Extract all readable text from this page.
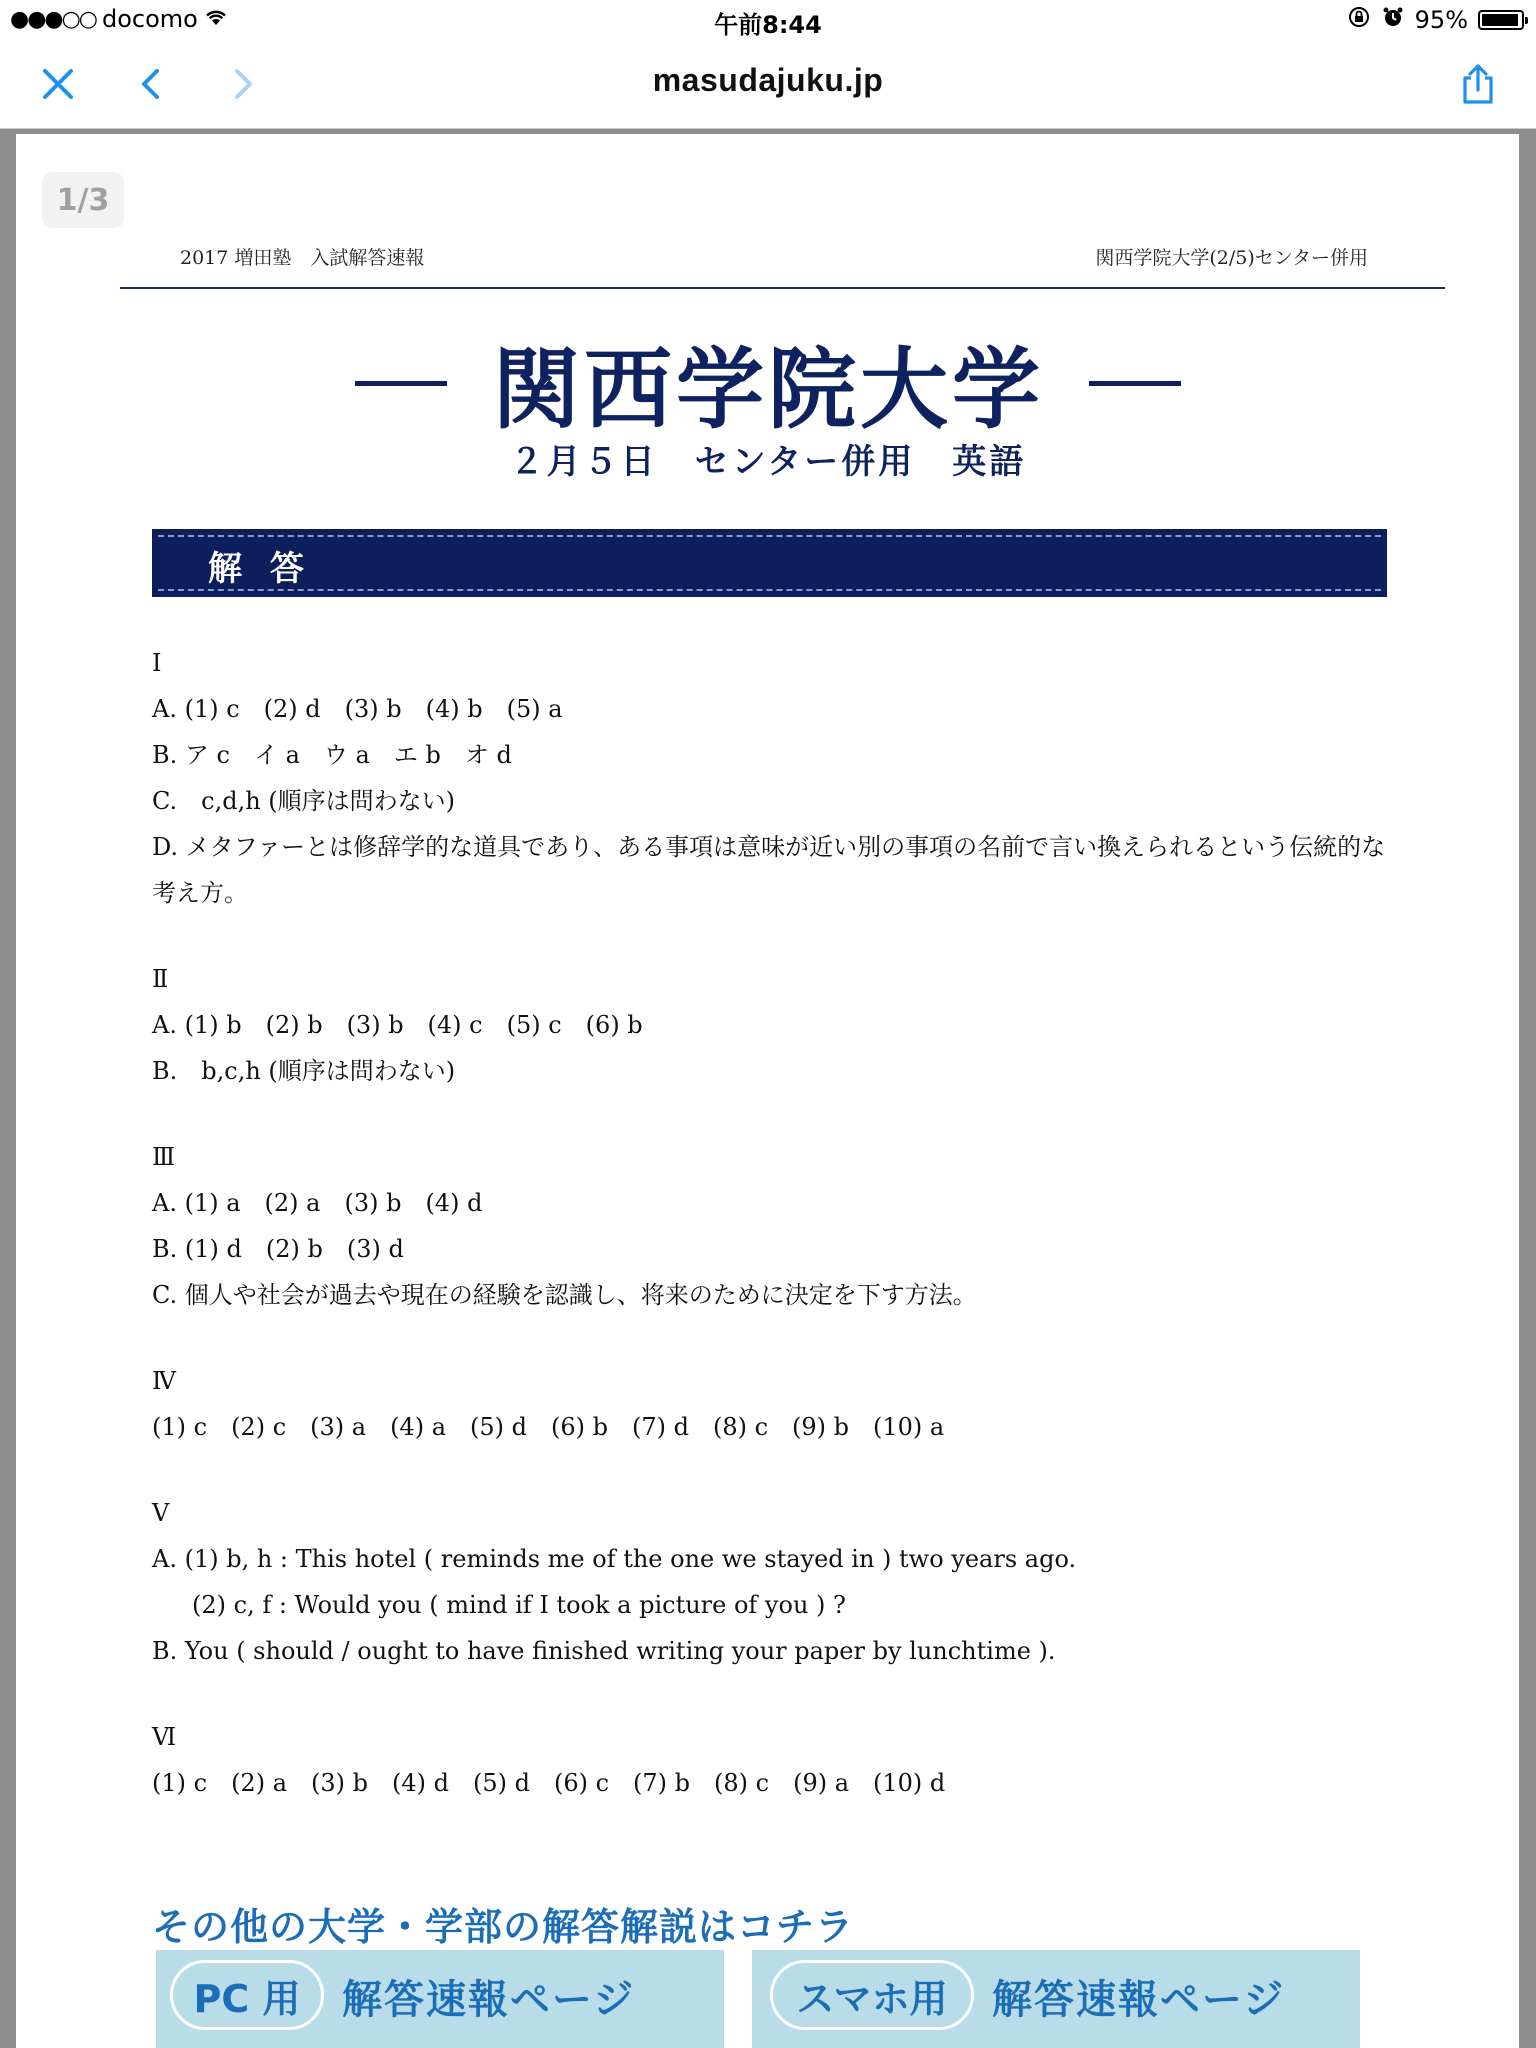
●●●○○ docomo	午前8:44	95%
masudajuku.jp
1/3
2017 増田塾　入試解答速報	関西学院大学(2/5)センター併用
関西学院大学
２月５日　センター併用　英語
解 答
Ⅰ
A. (1) c　(2) d　(3) b　(4) b　(5) a
B. ア c　イ a　ウ a　エ b　オ d
C.　c,d,h (順序は問わない)
D. メタファーとは修辞学的な道具であり、ある事項は意味が近い別の事項の名前で言い換えられるという伝統的な考え方。
Ⅱ
A. (1) b　(2) b　(3) b　(4) c　(5) c　(6) b
B.　b,c,h (順序は問わない)
Ⅲ
A. (1) a　(2) a　(3) b　(4) d
B. (1) d　(2) b　(3) d
C. 個人や社会が過去や現在の経験を認識し、将来のために決定を下す方法。
Ⅳ
(1) c　(2) c　(3) a　(4) a　(5) d　(6) b　(7) d　(8) c　(9) b　(10) a
Ⅴ
A. (1) b, h : This hotel ( reminds me of the one we stayed in ) two years ago.
(2) c, f : Would you ( mind if I took a picture of you ) ?
B. You ( should / ought to have finished writing your paper by lunchtime ).
Ⅵ
(1) c　(2) a　(3) b　(4) d　(5) d　(6) c　(7) b　(8) c　(9) a　(10) d
その他の大学・学部の解答解説はコチラ
PC 用	解答速報ページ	スマホ用	解答速報ページ
